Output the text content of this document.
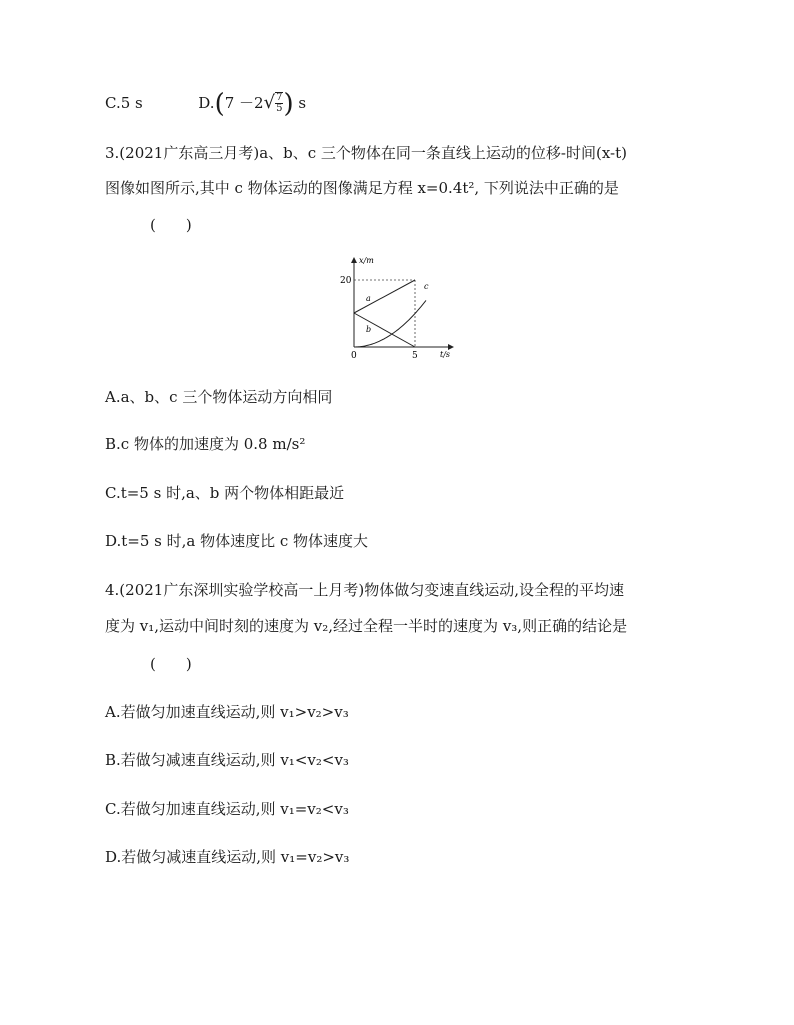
C.5 s	D.(7 －2 √ $\frac{7}{5}$ ) s
3.(2021广东高三月考)a、b、c 三个物体在同一条直线上运动的位移-时间(x-t)
图像如图所示,其中 c 物体运动的图像满足方程 x=0.4t², 下列说法中正确的是
(　　)
x/m
t/s
20
5
0
a
b
c
A.a、b、c 三个物体运动方向相同
B.c 物体的加速度为 0.8 m/s²
C.t=5 s 时,a、b 两个物体相距最近
D.t=5 s 时,a 物体速度比 c 物体速度大
4.(2021广东深圳实验学校高一上月考)物体做匀变速直线运动,设全程的平均速
度为 v₁,运动中间时刻的速度为 v₂,经过全程一半时的速度为 v₃,则正确的结论是
(　　)
A.若做匀加速直线运动,则 v₁>v₂>v₃
B.若做匀减速直线运动,则 v₁<v₂<v₃
C.若做匀加速直线运动,则 v₁=v₂<v₃
D.若做匀减速直线运动,则 v₁=v₂>v₃
